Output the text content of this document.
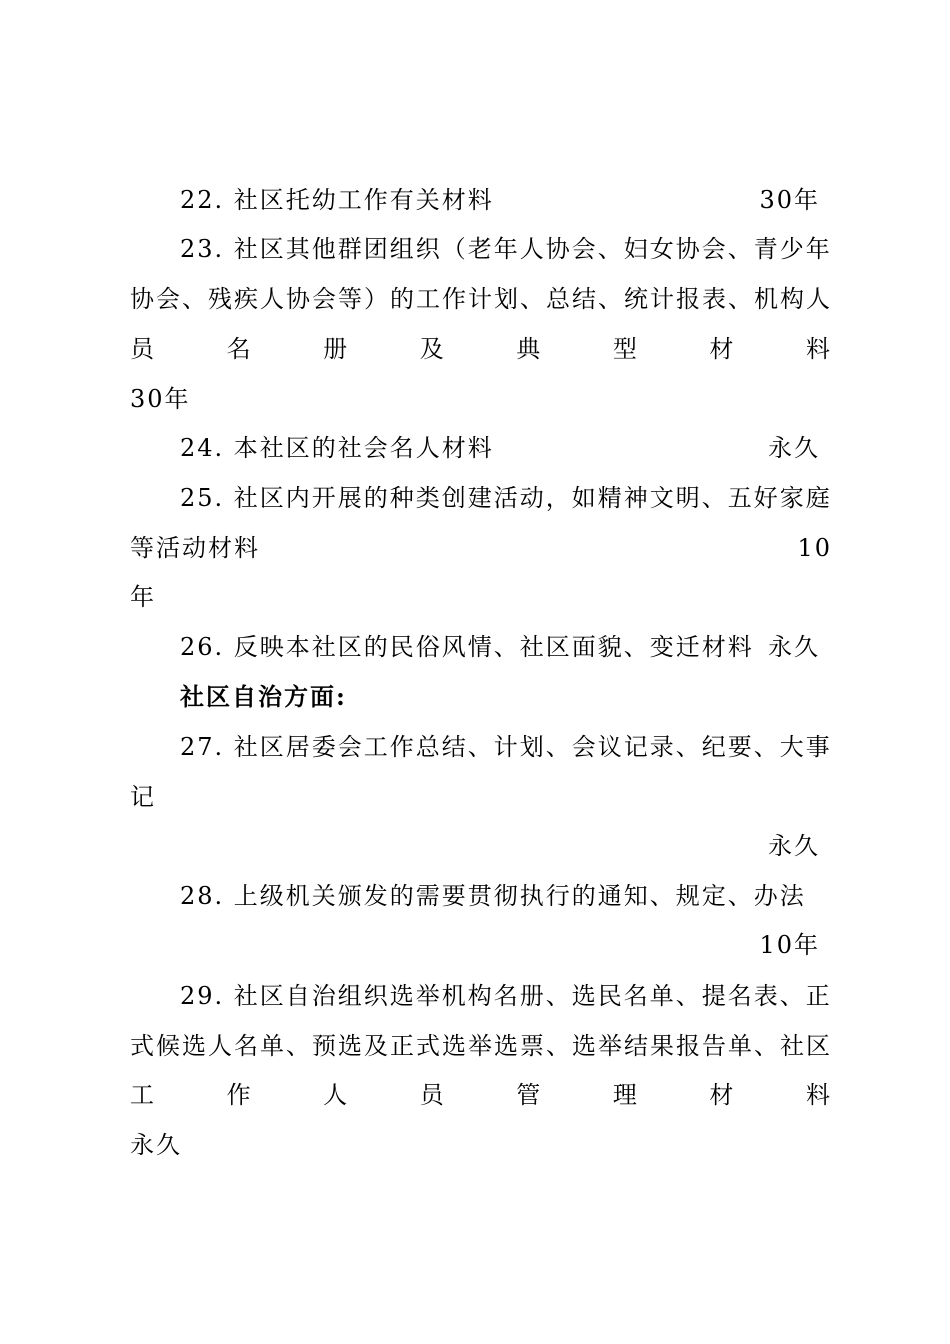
22. 社区托幼工作有关材料	30年
23. 社区其他群团组织（老年人协会、妇女协会、青少年
协会、残疾人协会等）的工作计划、总结、统计报表、机构人
员	名	册	及	典	型	材	料
30年
24. 本社区的社会名人材料	永久
25. 社区内开展的种类创建活动，如精神文明、五好家庭
等活动材料	10
年
26. 反映本社区的民俗风情、社区面貌、变迁材料 永久
社区自治方面:
27. 社区居委会工作总结、计划、会议记录、纪要、大事
记
永久
28. 上级机关颁发的需要贯彻执行的通知、规定、办法
10年
29. 社区自治组织选举机构名册、选民名单、提名表、正
式候选人名单、预选及正式选举选票、选举结果报告单、社区
工	作	人	员	管	理	材	料
永久
